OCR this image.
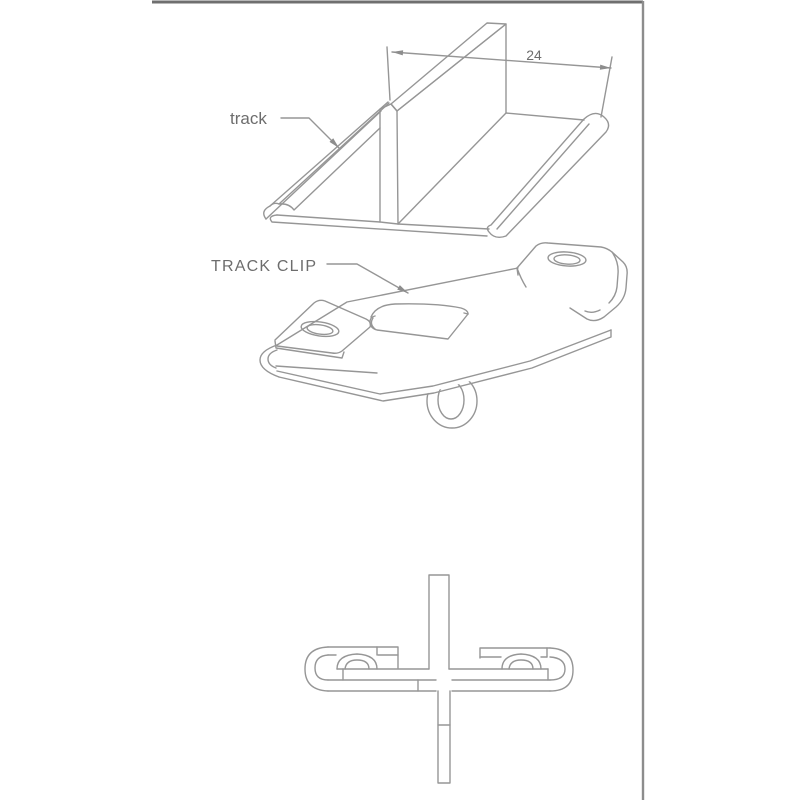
track
TRACK CLIP
24
